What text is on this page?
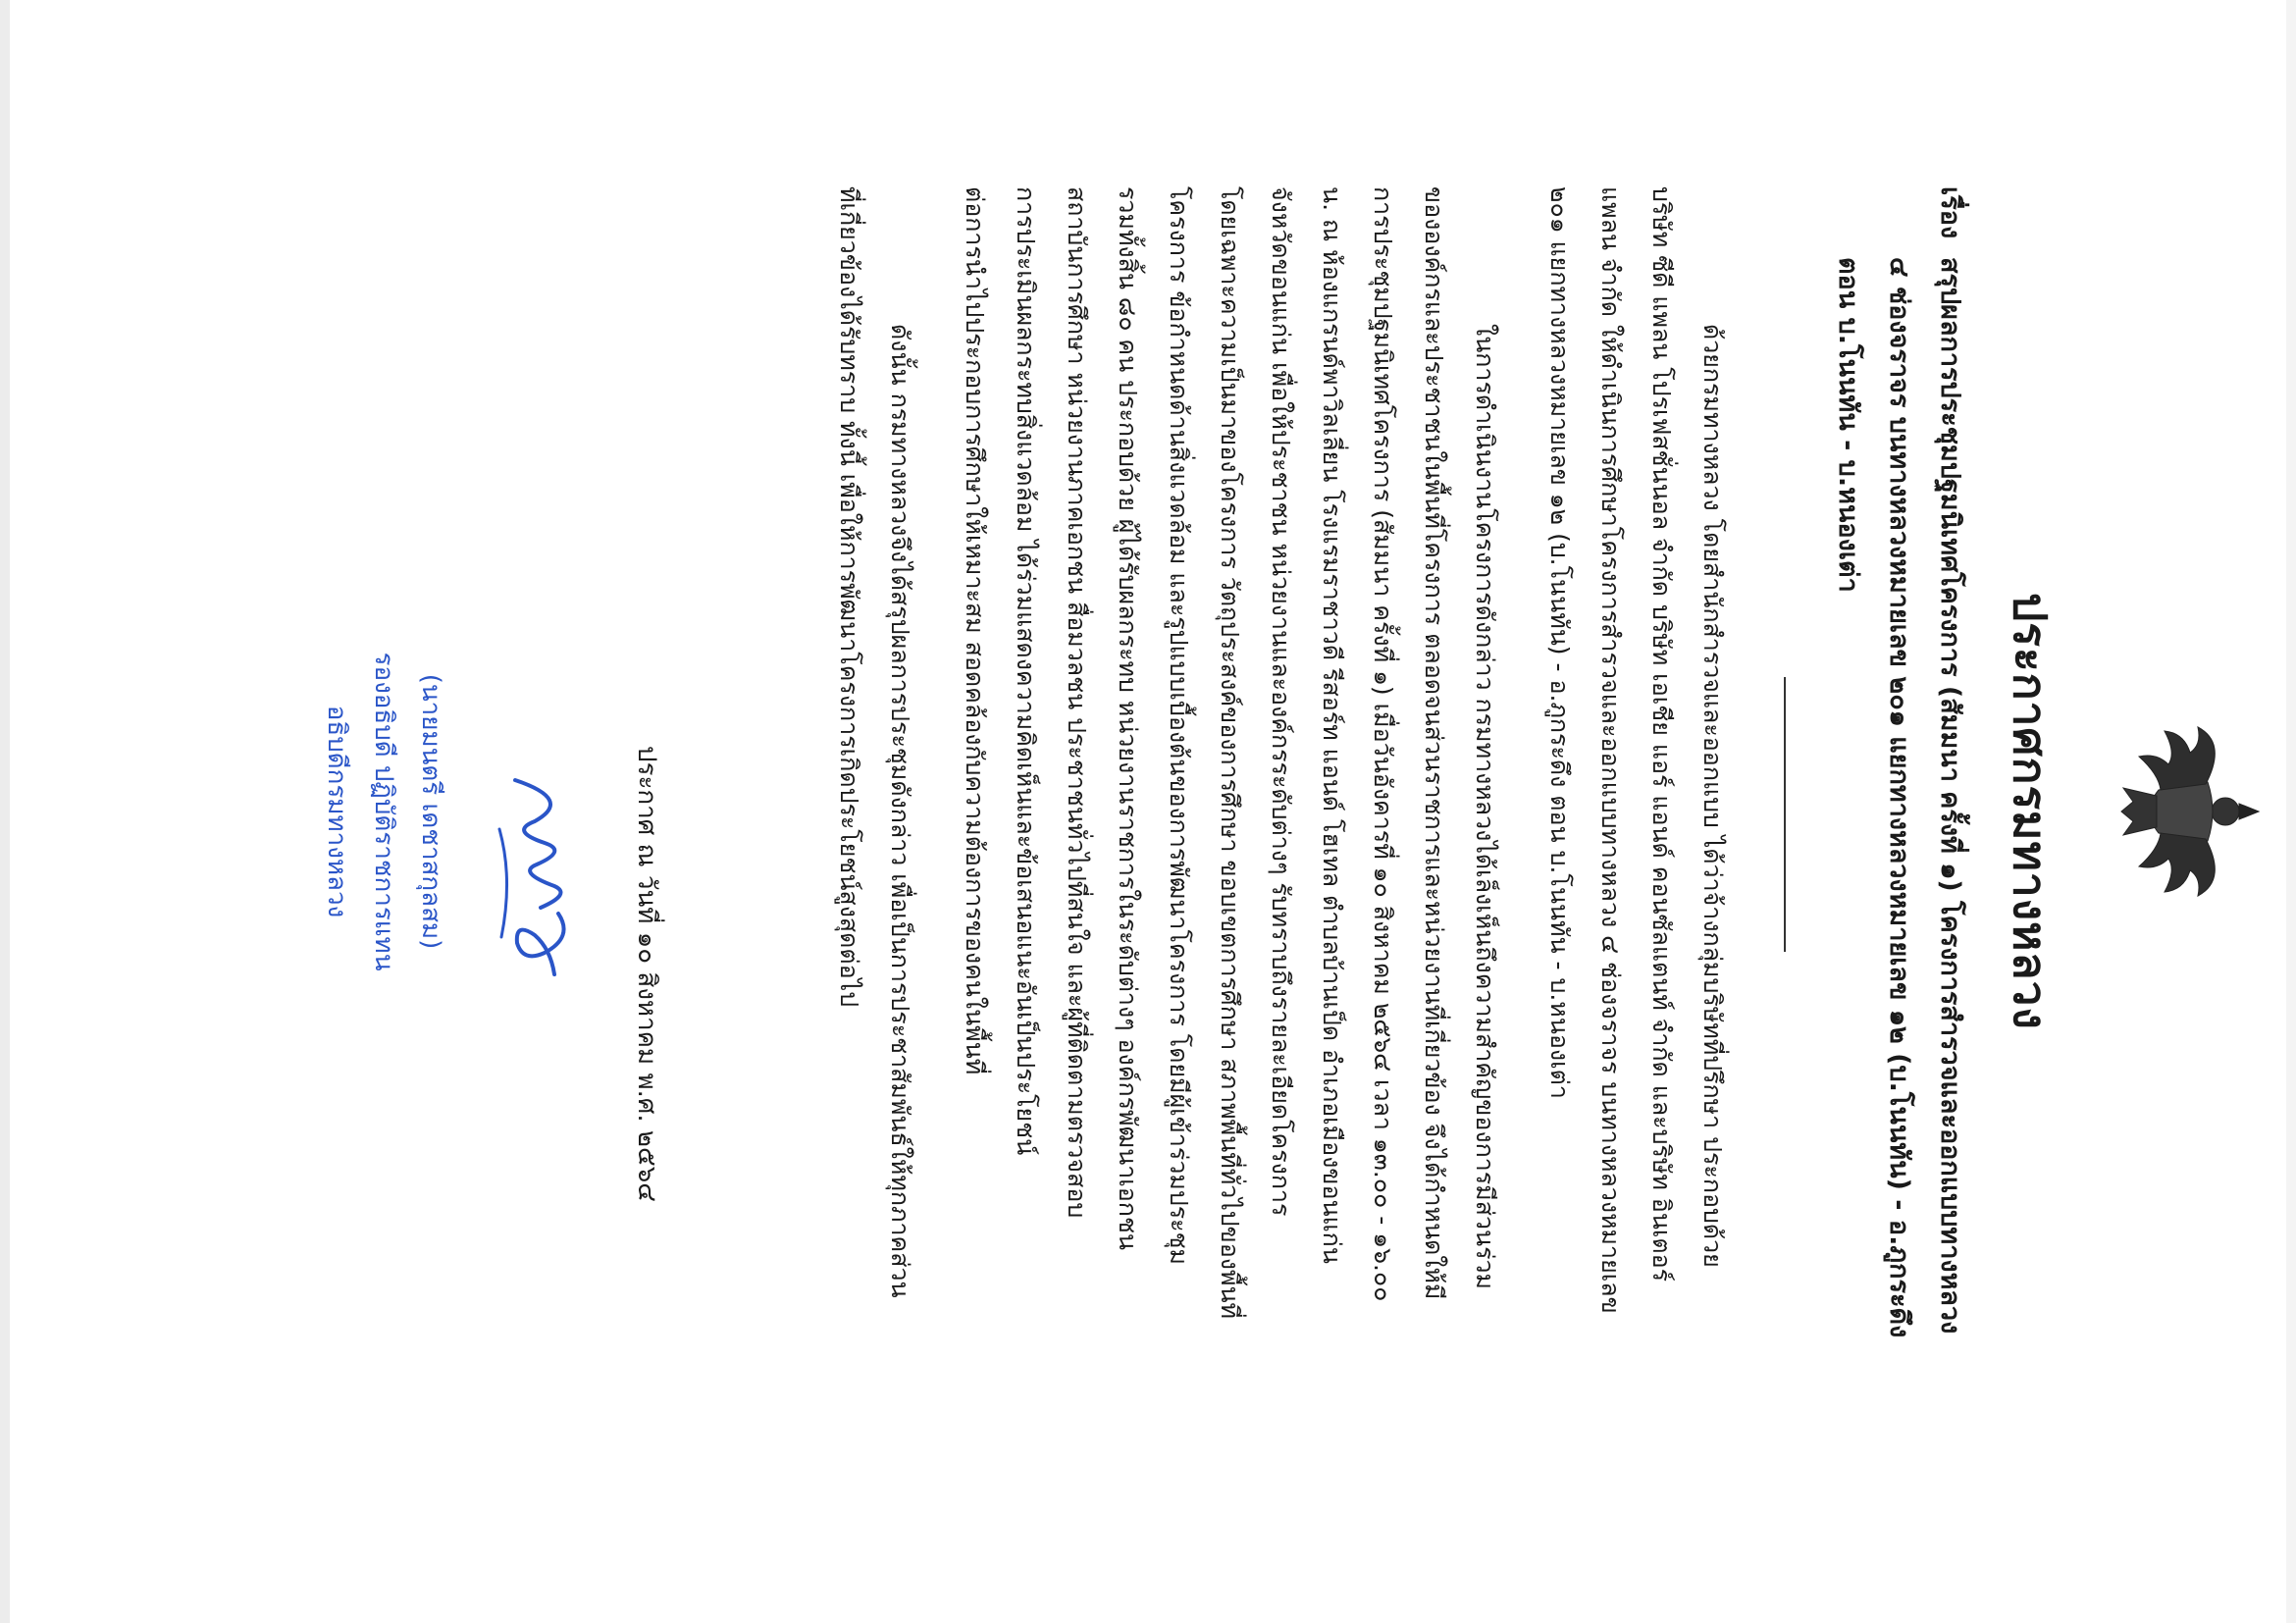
ประกาศกรมทางหลวง
เรื่อง
สรุปผลการประชุมปฐมนิเทศโครงการ (สัมมนา ครั้งที่ ๑) โครงการสำรวจและออกแบบทางหลวง
๔ ช่องจราจร บนทางหลวงหมายเลข ๒๐๑ แยกทางหลวงหมายเลข ๑๒ (บ.โนนทัน) - อ.ภูกระดึง
ตอน บ.โนนทัน - บ.หนองเต่า
ด้วยกรมทางหลวง โดยสำนักสำรวจและออกแบบ ได้ว่าจ้างกลุ่มบริษัทที่ปรึกษา ประกอบด้วย
บริษัท ซีดี แพลน โปรเฟสชั่นนอล จำกัด บริษัท เอเชีย แอร์ แอนด์ คอนซัลแตนท์ จำกัด และบริษัท อินเตอร์
แพลน จำกัด ให้ดำเนินการศึกษาโครงการสำรวจและออกแบบทางหลวง ๔ ช่องจราจร บนทางหลวงหมายเลข
๒๐๑ แยกทางหลวงหมายเลข ๑๒ (บ.โนนทัน) - อ.ภูกระดึง ตอน บ.โนนทัน - บ.หนองเต่า
ในการดำเนินงานโครงการดังกล่าว กรมทางหลวงได้เล็งเห็นถึงความสำคัญของการมีส่วนร่วม
ขององค์กรและประชาชนในพื้นที่โครงการ ตลอดจนส่วนราชการและหน่วยงานที่เกี่ยวข้อง จึงได้กำหนดให้มี
การประชุมปฐมนิเทศโครงการ (สัมมนา ครั้งที่ ๑) เมื่อวันอังคารที่ ๑๐ สิงหาคม ๒๕๖๔ เวลา ๑๓.๐๐ - ๑๖.๐๐
น. ณ ห้องแกรนด์พาวิลเลี่ยน โรงแรมราชาวดี รีสอร์ท แอนด์ โฮเทล ตำบลบ้านเป็ด อำเภอเมืองขอนแก่น
จังหวัดขอนแก่น เพื่อให้ประชาชน หน่วยงานและองค์กรระดับต่างๆ รับทราบถึงรายละเอียดโครงการ
โดยเฉพาะความเป็นมาของโครงการ วัตถุประสงค์ของการศึกษา ขอบเขตการศึกษา สภาพพื้นที่ทั่วไปของพื้นที่
โครงการ ข้อกำหนดด้านสิ่งแวดล้อม และรูปแบบเบื้องต้นของการพัฒนาโครงการ โดยมีผู้เข้าร่วมประชุม
รวมทั้งสิ้น ๘๐ คน ประกอบด้วย ผู้ได้รับผลกระทบ หน่วยงานราชการในระดับต่างๆ องค์กรพัฒนาเอกชน
สถาบันการศึกษา หน่วยงานภาคเอกชน สื่อมวลชน ประชาชนทั่วไปที่สนใจ และผู้ที่ติดตามตรวจสอบ
การประเมินผลกระทบสิ่งแวดล้อม ได้ร่วมแสดงความคิดเห็นและข้อเสนอแนะอันเป็นประโยชน์
ต่อการนำไปประกอบการศึกษาให้เหมาะสม สอดคล้องกับความต้องการของคนในพื้นที่
ดังนั้น กรมทางหลวงจึงได้สรุปผลการประชุมดังกล่าว เพื่อเป็นการประชาสัมพันธ์ให้ทุกภาคส่วน
ที่เกี่ยวข้องได้รับทราบ ทั้งนี้ เพื่อให้การพัฒนาโครงการเกิดประโยชน์สูงสุดต่อไป
ประกาศ ณ วันที่ ๑๐ สิงหาคม พ.ศ. ๒๕๖๔
(นายมนตรี เดชาสกุลสม)
รองอธิบดี ปฏิบัติราชการแทน
อธิบดีกรมทางหลวง
